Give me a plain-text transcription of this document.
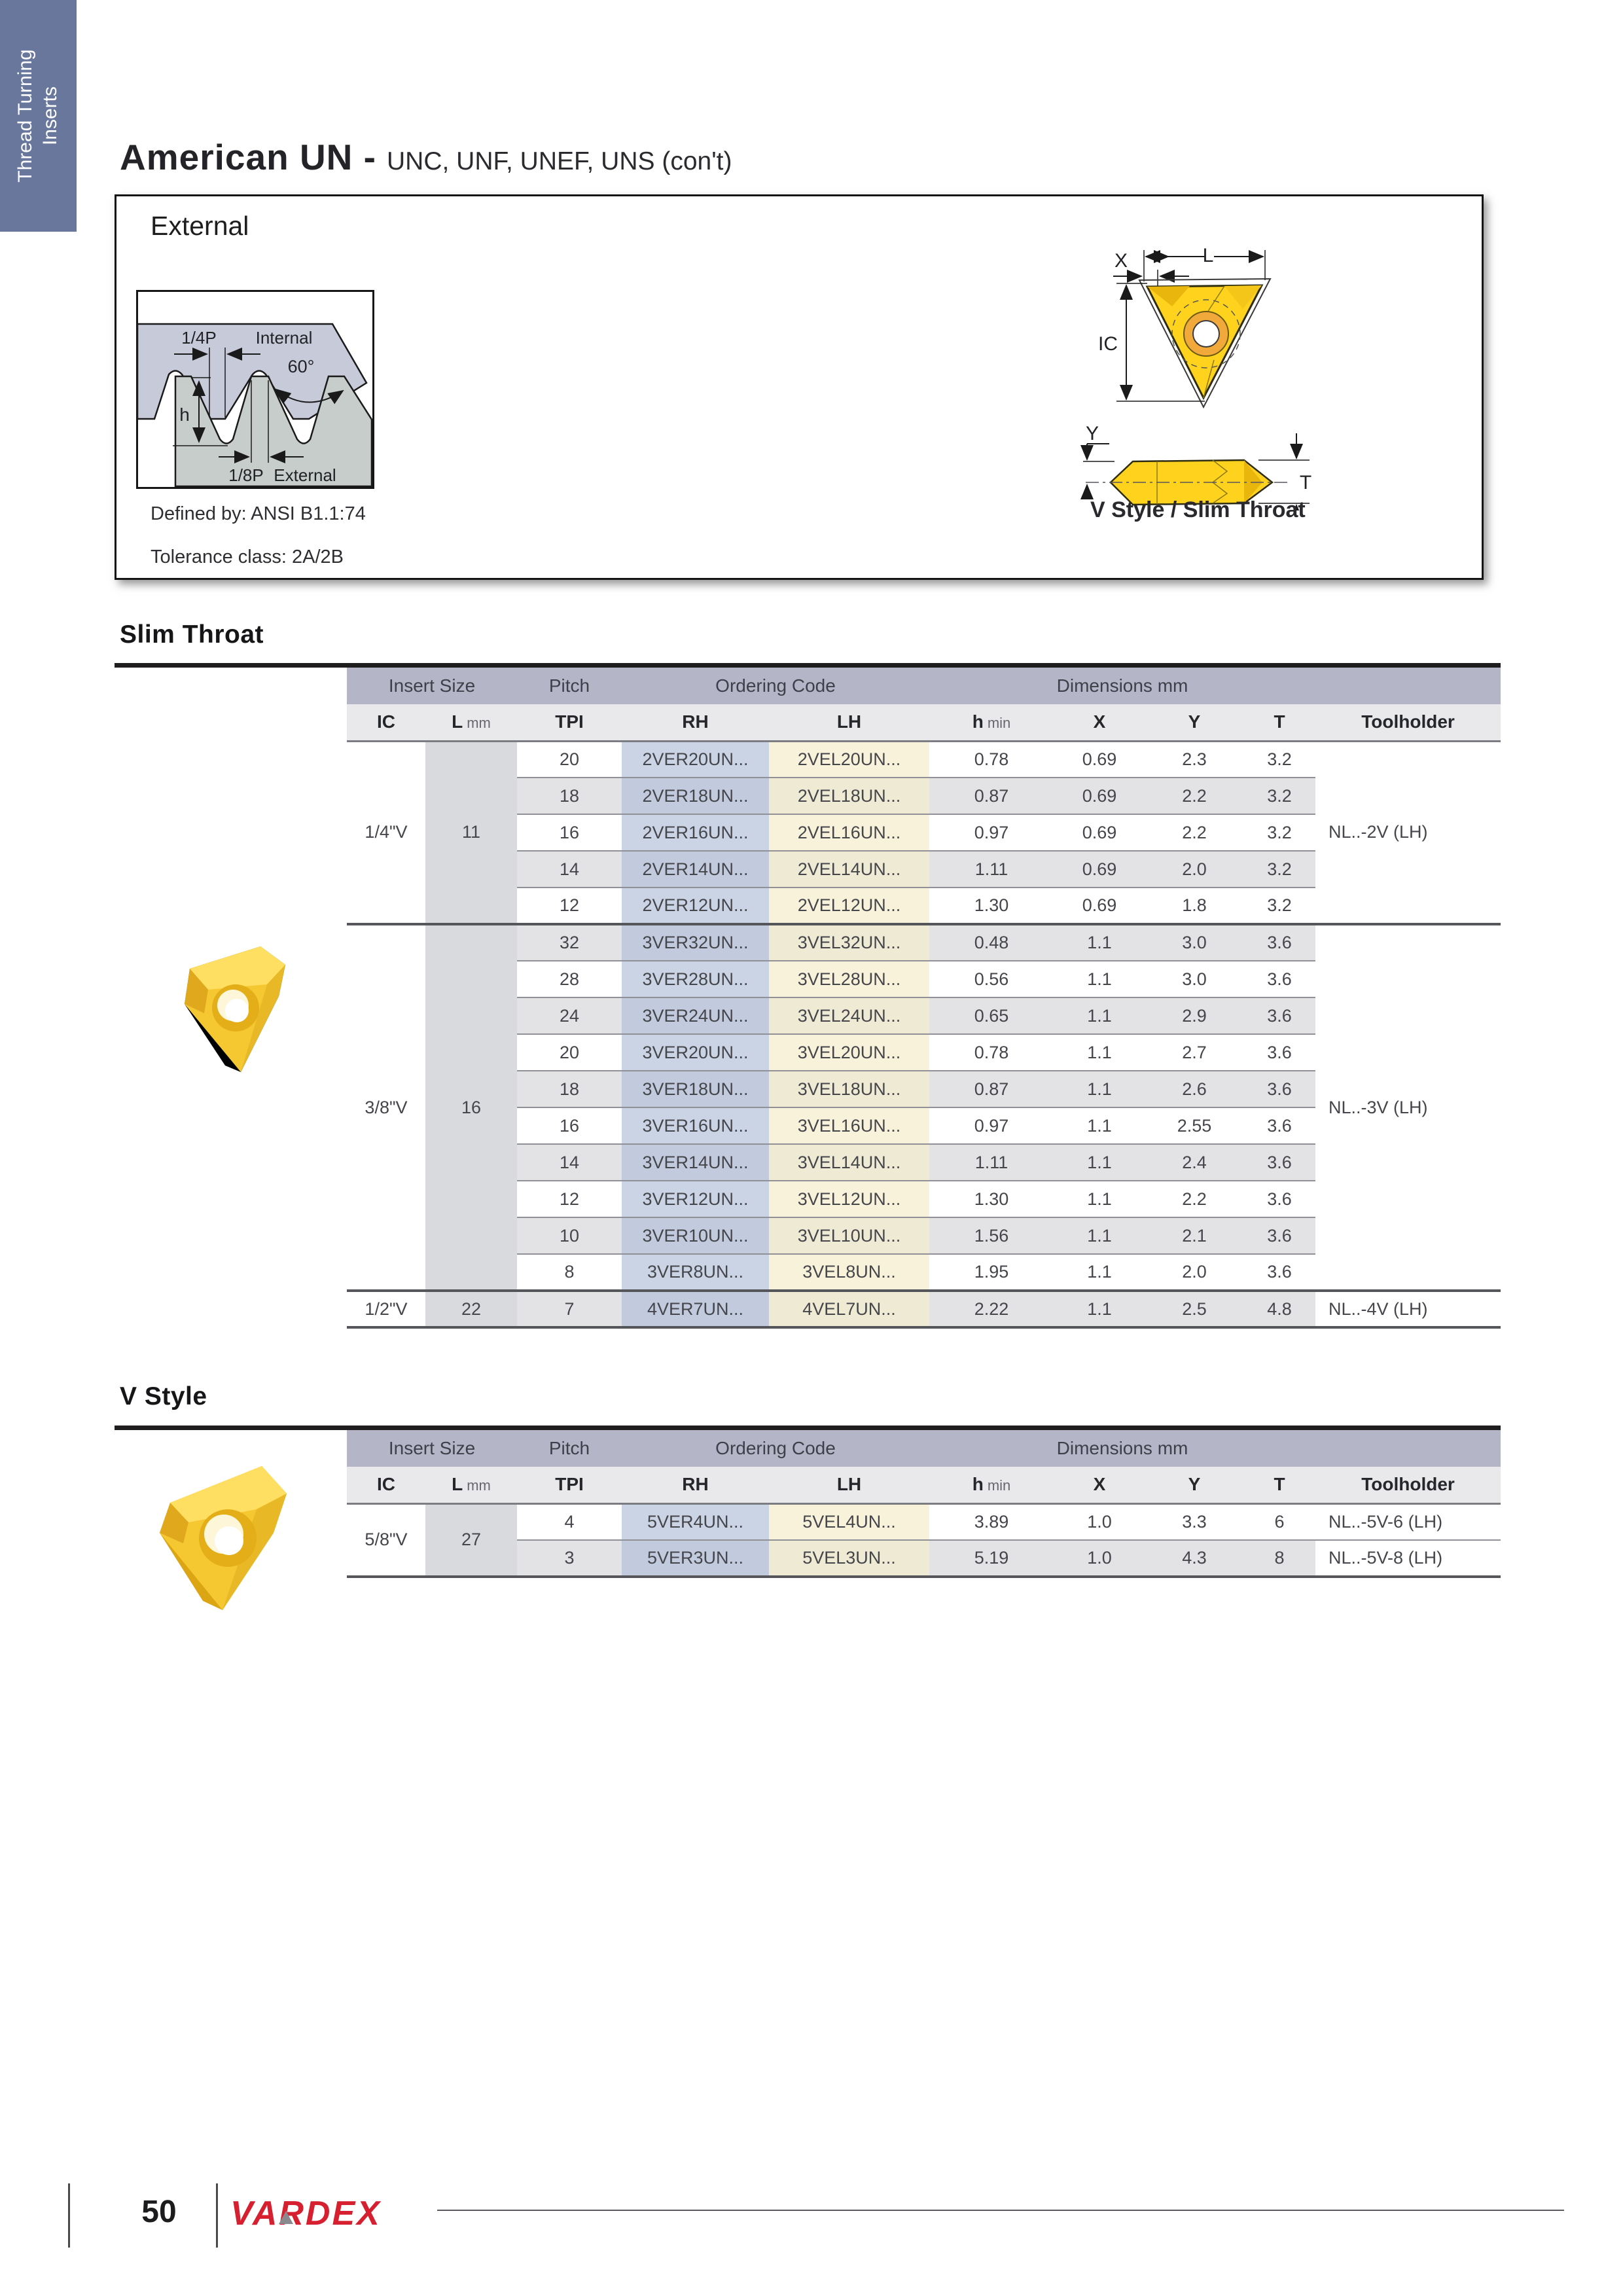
Thread Turning Inserts
American UN - UNC, UNF, UNEF, UNS (con't)
External
1/4P Internal
60°
h
1/8P External
Defined by: ANSI B1.1:74
Tolerance class: 2A/2B
L
X
IC
Y
T
V Style / Slim Throat
Slim Throat
Insert Size		Pitch	Ordering Code		Dimensions mm				
IC	L mm	TPI	RH	LH	h min	X	Y	T	Toolholder
1/4"V	11	20	2VER20UN...	2VEL20UN...	0.78	0.69	2.3	3.2	NL..-2V (LH)
		18	2VER18UN...	2VEL18UN...	0.87	0.69	2.2	3.2	
		16	2VER16UN...	2VEL16UN...	0.97	0.69	2.2	3.2	
		14	2VER14UN...	2VEL14UN...	1.11	0.69	2.0	3.2	
		12	2VER12UN...	2VEL12UN...	1.30	0.69	1.8	3.2	
3/8"V	16	32	3VER32UN...	3VEL32UN...	0.48	1.1	3.0	3.6	NL..-3V (LH)
		28	3VER28UN...	3VEL28UN...	0.56	1.1	3.0	3.6	
		24	3VER24UN...	3VEL24UN...	0.65	1.1	2.9	3.6	
		20	3VER20UN...	3VEL20UN...	0.78	1.1	2.7	3.6	
		18	3VER18UN...	3VEL18UN...	0.87	1.1	2.6	3.6	
		16	3VER16UN...	3VEL16UN...	0.97	1.1	2.55	3.6	
		14	3VER14UN...	3VEL14UN...	1.11	1.1	2.4	3.6	
		12	3VER12UN...	3VEL12UN...	1.30	1.1	2.2	3.6	
		10	3VER10UN...	3VEL10UN...	1.56	1.1	2.1	3.6	
		8	3VER8UN...	3VEL8UN...	1.95	1.1	2.0	3.6	
1/2"V	22	7	4VER7UN...	4VEL7UN...	2.22	1.1	2.5	4.8	NL..-4V (LH)
V Style
Insert Size		Pitch	Ordering Code		Dimensions mm				
IC	L mm	TPI	RH	LH	h min	X	Y	T	Toolholder
5/8"V	27	4	5VER4UN...	5VEL4UN...	3.89	1.0	3.3	6	NL..-5V-6 (LH)
		3	5VER3UN...	5VEL3UN...	5.19	1.0	4.3	8	NL..-5V-8 (LH)
50	VARDEX
